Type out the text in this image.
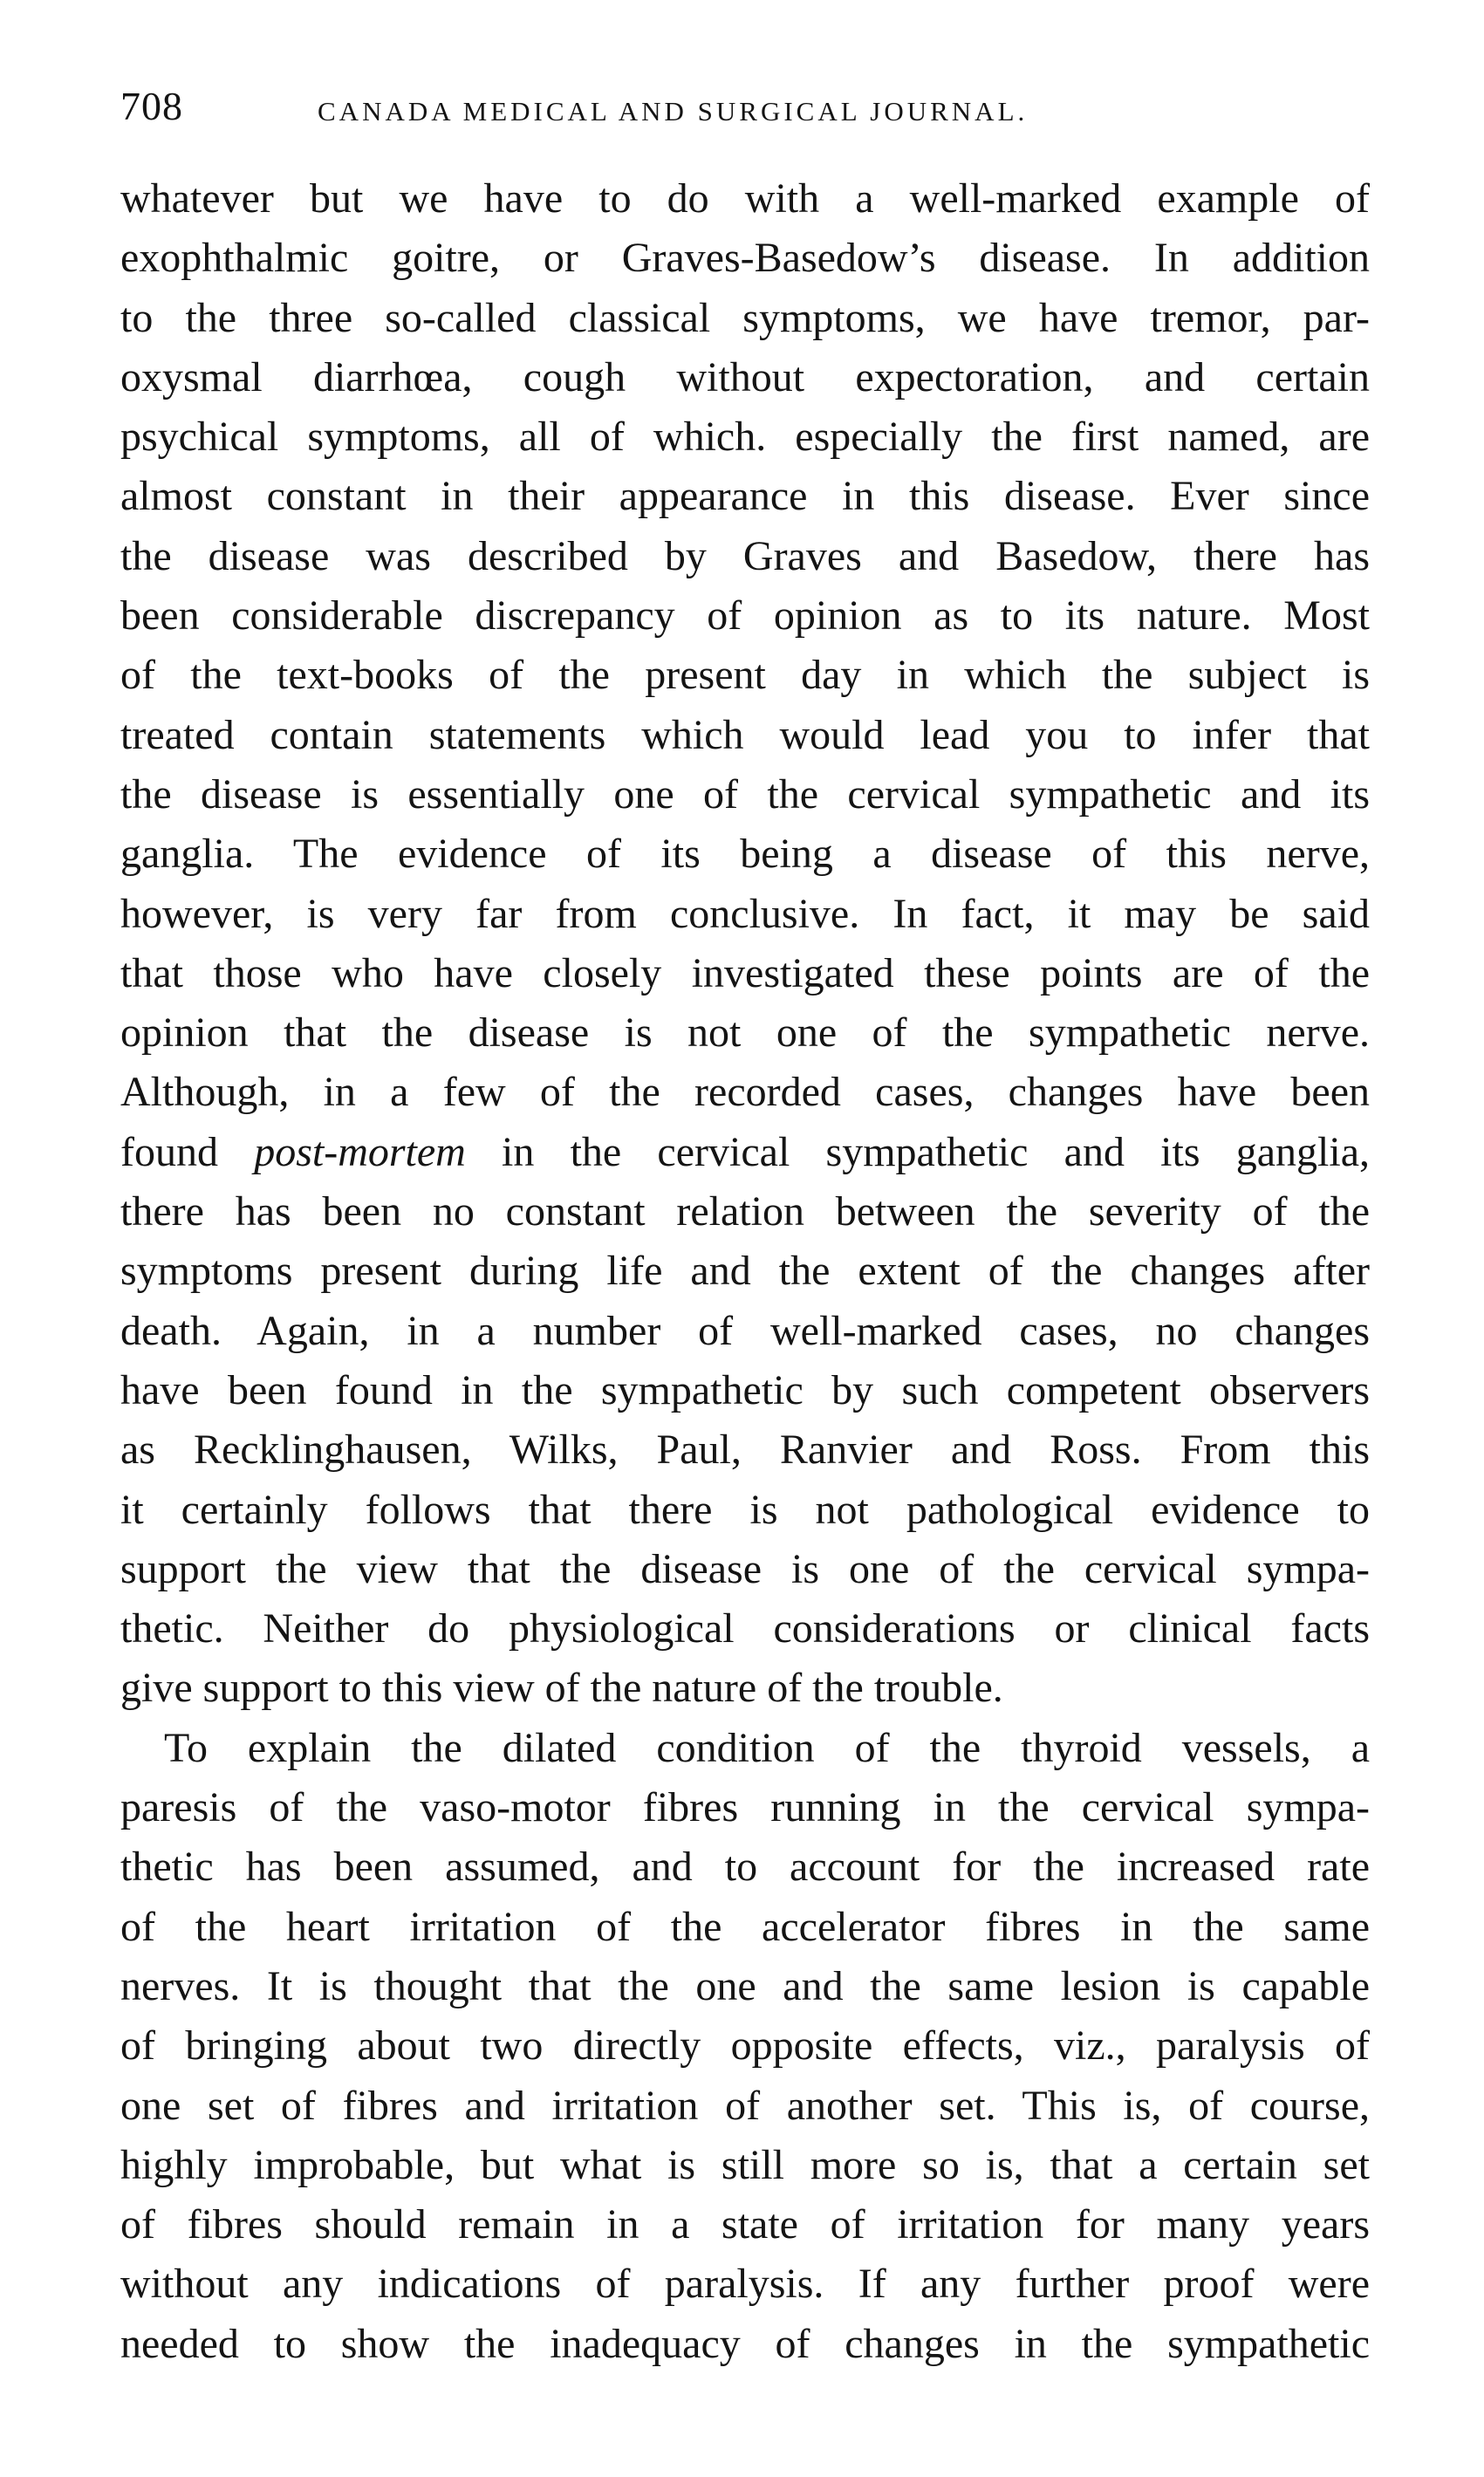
708	CANADA MEDICAL AND SURGICAL JOURNAL.
whatever but we have to do with a well-marked example of
exophthalmic goitre, or Graves-Basedow’s disease. In addition
to the three so-called classical symptoms, we have tremor, par-
oxysmal diarrhœa, cough without expectoration, and certain
psychical symptoms, all of which. especially the first named, are
almost constant in their appearance in this disease. Ever since
the disease was described by Graves and Basedow, there has
been considerable discrepancy of opinion as to its nature. Most
of the text-books of the present day in which the subject is
treated contain statements which would lead you to infer that
the disease is essentially one of the cervical sympathetic and its
ganglia. The evidence of its being a disease of this nerve,
however, is very far from conclusive. In fact, it may be said
that those who have closely investigated these points are of the
opinion that the disease is not one of the sympathetic nerve.
Although, in a few of the recorded cases, changes have been
found post-mortem in the cervical sympathetic and its ganglia,
there has been no constant relation between the severity of the
symptoms present during life and the extent of the changes after
death. Again, in a number of well-marked cases, no changes
have been found in the sympathetic by such competent observers
as Recklinghausen, Wilks, Paul, Ranvier and Ross. From this
it certainly follows that there is not pathological evidence to
support the view that the disease is one of the cervical sympa-
thetic. Neither do physiological considerations or clinical facts
give support to this view of the nature of the trouble.
To explain the dilated condition of the thyroid vessels, a
paresis of the vaso-motor fibres running in the cervical sympa-
thetic has been assumed, and to account for the increased rate
of the heart irritation of the accelerator fibres in the same
nerves. It is thought that the one and the same lesion is capable
of bringing about two directly opposite effects, viz., paralysis of
one set of fibres and irritation of another set. This is, of course,
highly improbable, but what is still more so is, that a certain set
of fibres should remain in a state of irritation for many years
without any indications of paralysis. If any further proof were
needed to show the inadequacy of changes in the sympathetic
